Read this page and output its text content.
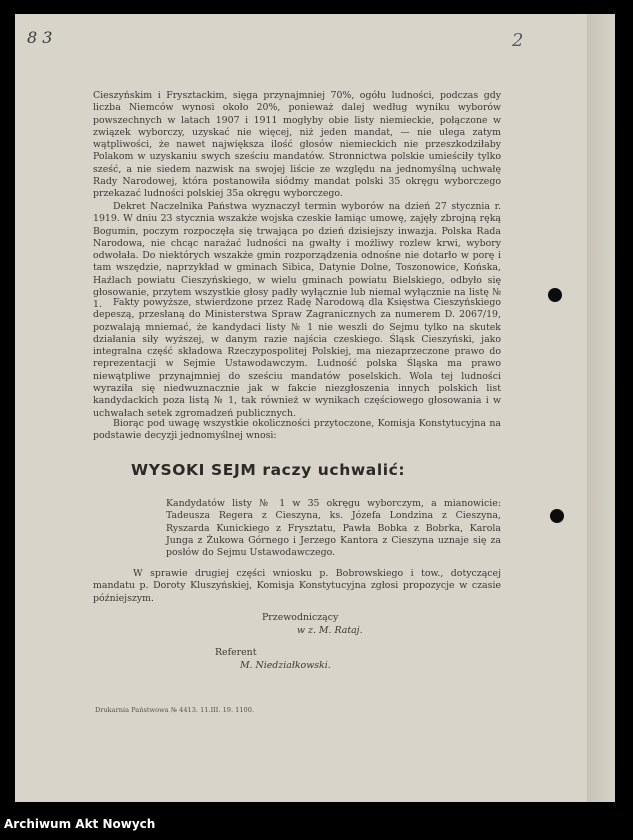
8 3	2

Cieszyńskim i Frysztackim, sięga przynajmniej 70%, ogółu ludności, podczas gdy liczba Niemców wynosi około 20%, ponieważ dalej według wyniku wyborów powszechnych w latach 1907 i 1911 mogłyby obie listy niemieckie, połączone w związek wyborczy, uzyskać nie więcej, niż jeden mandat, — nie ulega zatym wątpliwości, że nawet największa ilość głosów niemieckich nie przeszkodziłaby Polakom w uzyskaniu swych sześciu mandatów. Stronnictwa polskie umieściły tylko sześć, a nie siedem nazwisk na swojej liście ze względu na jednomyślną uchwałę Rady Narodowej, która postanowiła siódmy mandat polski 35 okręgu wyborczego przekazać ludności polskiej 35a okręgu wyborczego.

Dekret Naczelnika Państwa wyznaczył termin wyborów na dzień 27 stycznia r. 1919. W dniu 23 stycznia wszakże wojska czeskie łamiąc umowę, zajęły zbrojną ręką Bogumin, poczym rozpoczęła się trwająca po dzień dzisiejszy inwazja. Polska Rada Narodowa, nie chcąc narażać ludności na gwałty i możliwy rozlew krwi, wybory odwołała. Do niektórych wszakże gmin rozporządzenia odnośne nie dotarło w porę i tam wszędzie, naprzykład w gminach Sibica, Datynie Dolne, Toszonowice, Końska, Haźlach powiatu Cieszyńskiego, w wielu gminach powiatu Bielskiego, odbyło się głosowanie, przytem wszystkie głosy padły wyłącznie lub niemal wyłącznie na listę № 1.	Fakty powyższe, stwierdzone przez Radę Narodową dla Księstwa Cieszyńskiego depeszą, przesłaną do Ministerstwa Spraw Zagranicznych za numerem D. 2067/19, pozwalają mniemać, że kandydaci listy № 1 nie weszli do Sejmu tylko na skutek działania siły wyższej, w danym razie najścia czeskiego. Śląsk Cieszyński, jako integralna część składowa Rzeczypospolitej Polskiej, ma niezaprzeczone prawo do reprezentacji w Sejmie Ustawodawczym. Ludność polska Śląska ma prawo niewątpliwe przynajmniej do sześciu mandatów poselskich. Wola tej ludności wyraziła się niedwuznacznie jak w fakcie niezgłoszenia innych polskich list kandydackich poza listą № 1, tak również w wynikach częściowego głosowania i w uchwałach setek zgromadzeń publicznych.

Biorąc pod uwagę wszystkie okoliczności przytoczone, Komisja Konstytucyjna na podstawie decyzji jednomyślnej wnosi:

WYSOKI SEJM raczy uchwalić:
Kandydatów listy № 1 w 35 okręgu wyborczym, a mianowicie: Tadeusza Regera z Cieszyna, ks. Józefa Londzina z Cieszyna, Ryszarda Kunickiego z Frysztatu, Pawła Bobka z Bobrka, Karola Junga z Żukowa Górnego i Jerzego Kantora z Cieszyna uznaje się za posłów do Sejmu Ustawodawczego.
W sprawie drugiej części wniosku p. Bobrowskiego i tow., dotyczącej mandatu p. Doroty Kluszyńskiej, Komisja Konstytucyjna zgłosi propozycje w czasie późniejszym.
Przewodniczący
w z. M. Rataj.
Referent
M. Niedziałkowski.
Drukarnia Państwowa № 4413. 11.III. 19. 1100.
Archiwum Akt Nowych
